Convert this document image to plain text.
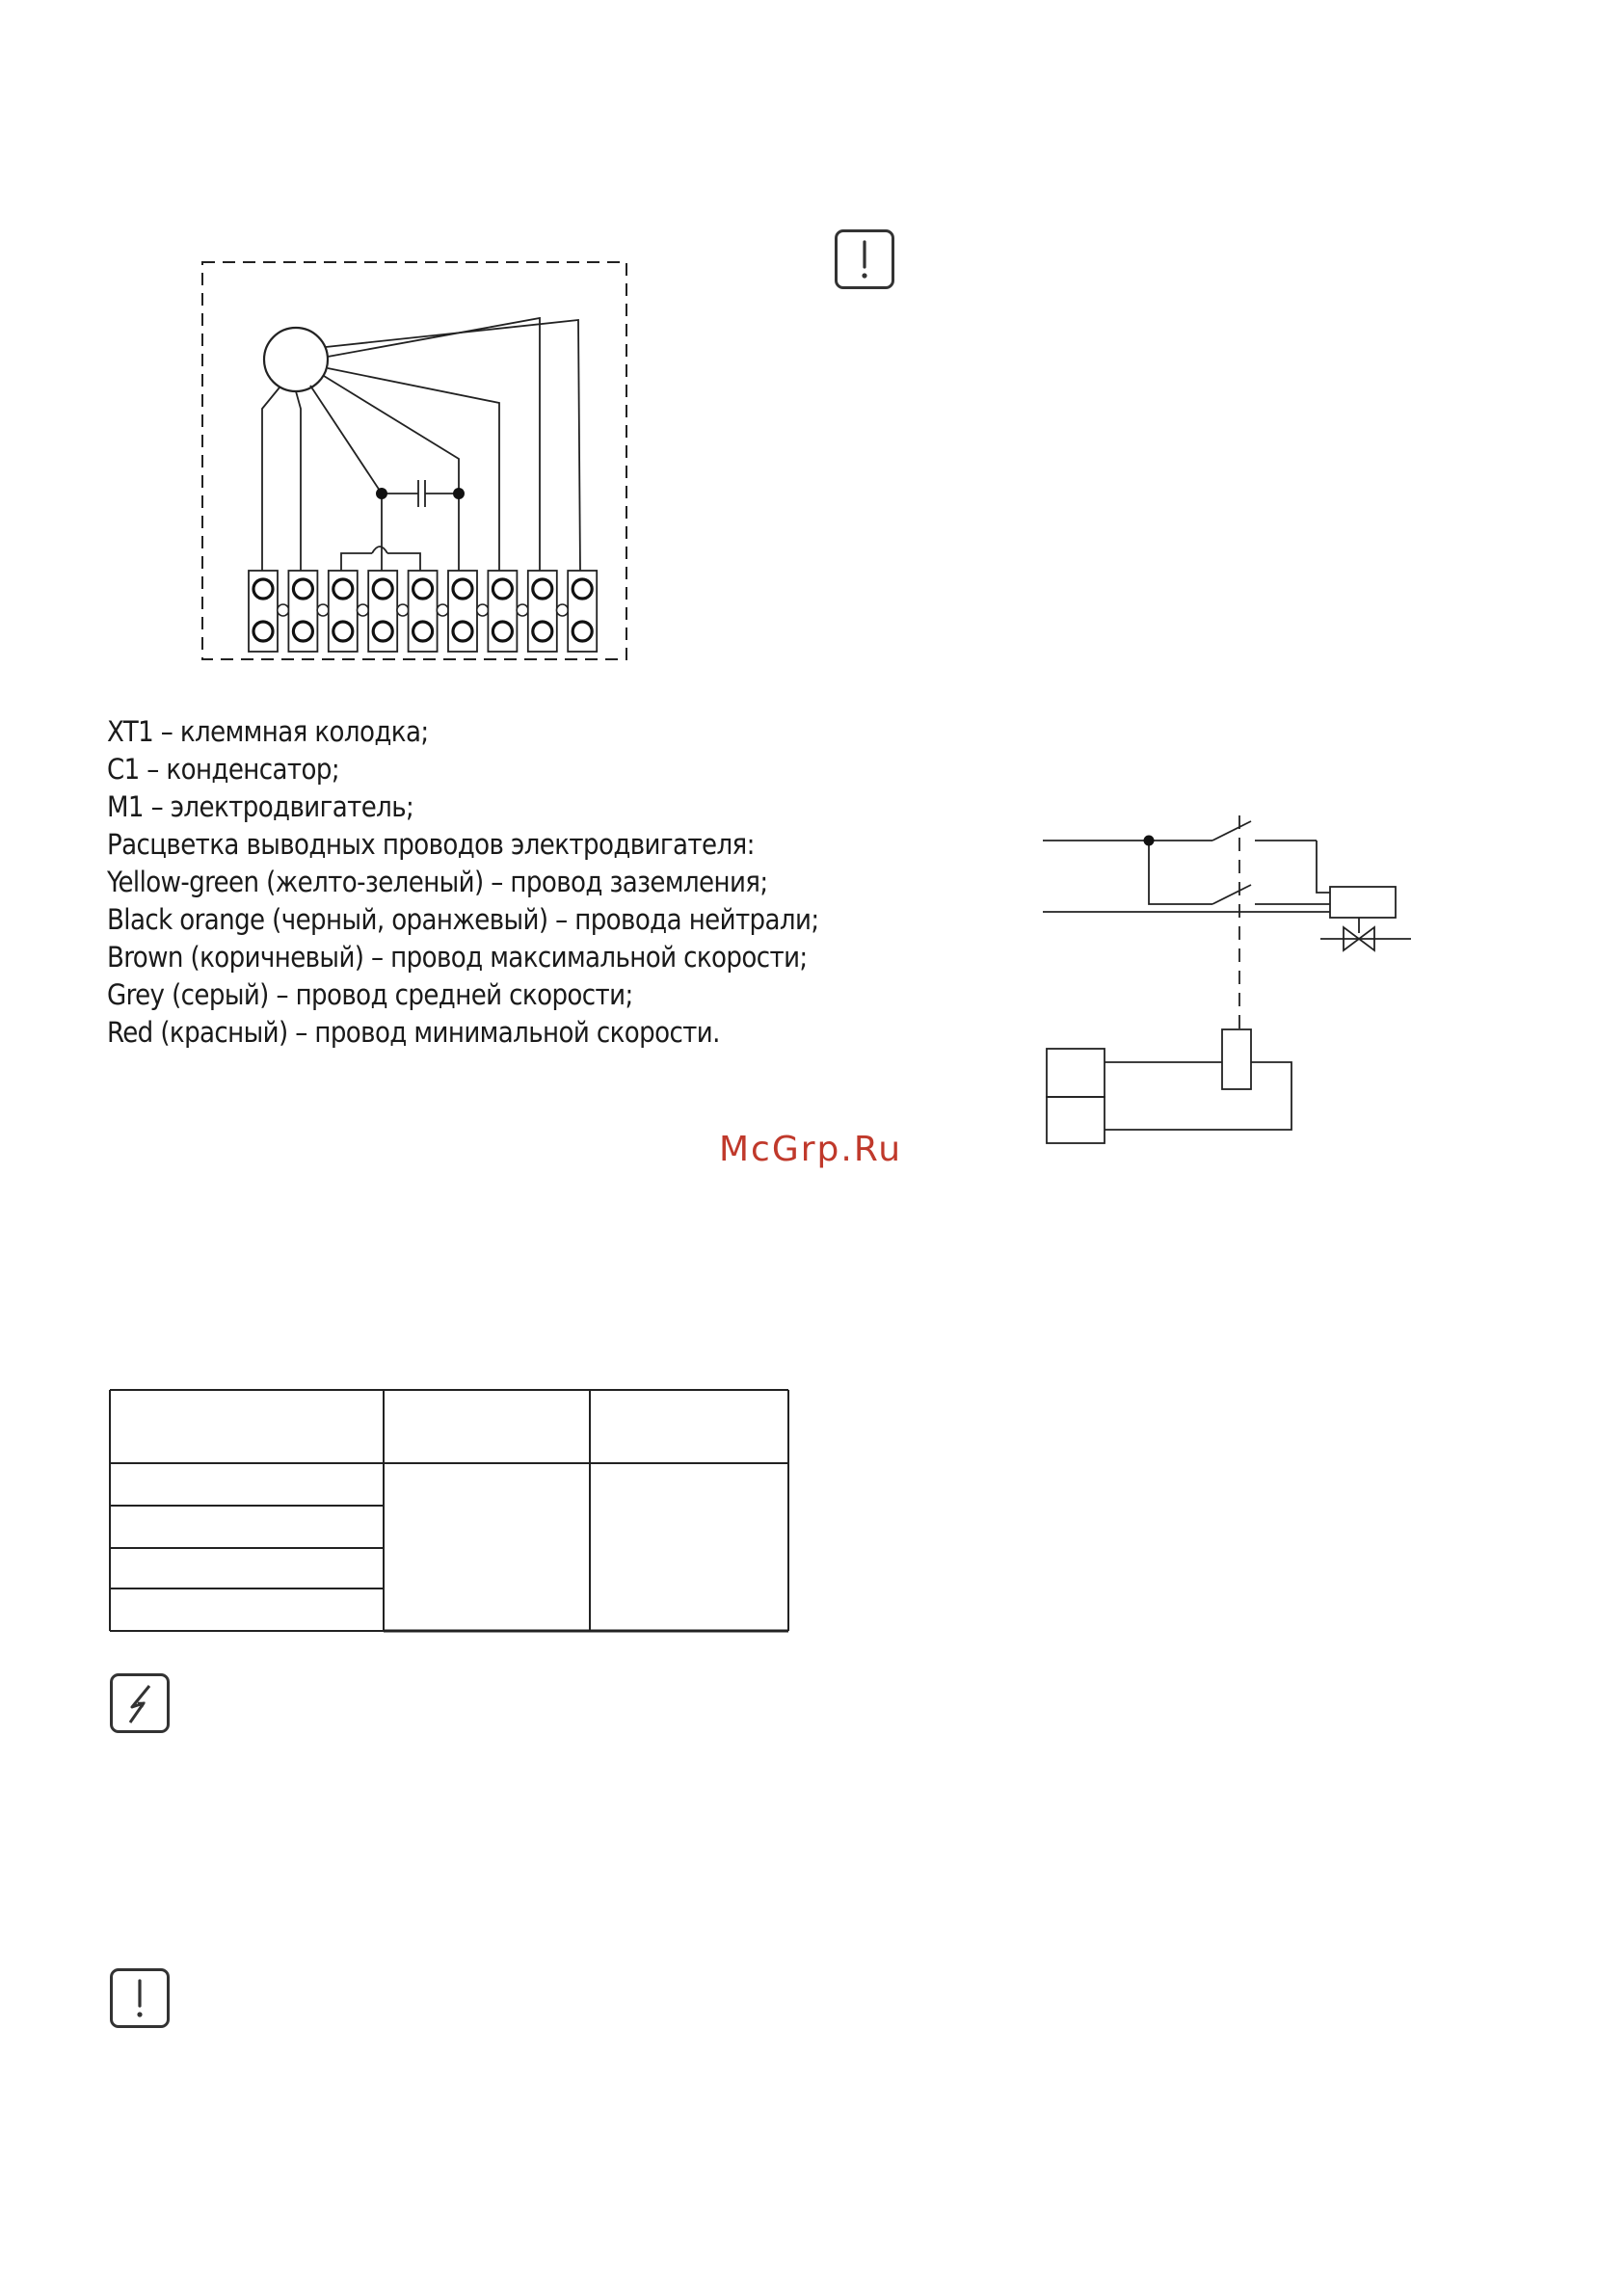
XT1 – клеммная колодка;
C1 – конденсатор;
M1 – электродвигатель;
Расцветка выводных проводов электродвигателя:
Yellow-green (желто-зеленый) – провод заземления;
Black orange (черный, оранжевый) – провода нейтрали;
Brown (коричневый) – провод максимальной скорости;
Grey (серый) – провод средней скорости;
Red (красный) – провод минимальной скорости.
McGrp.Ru
